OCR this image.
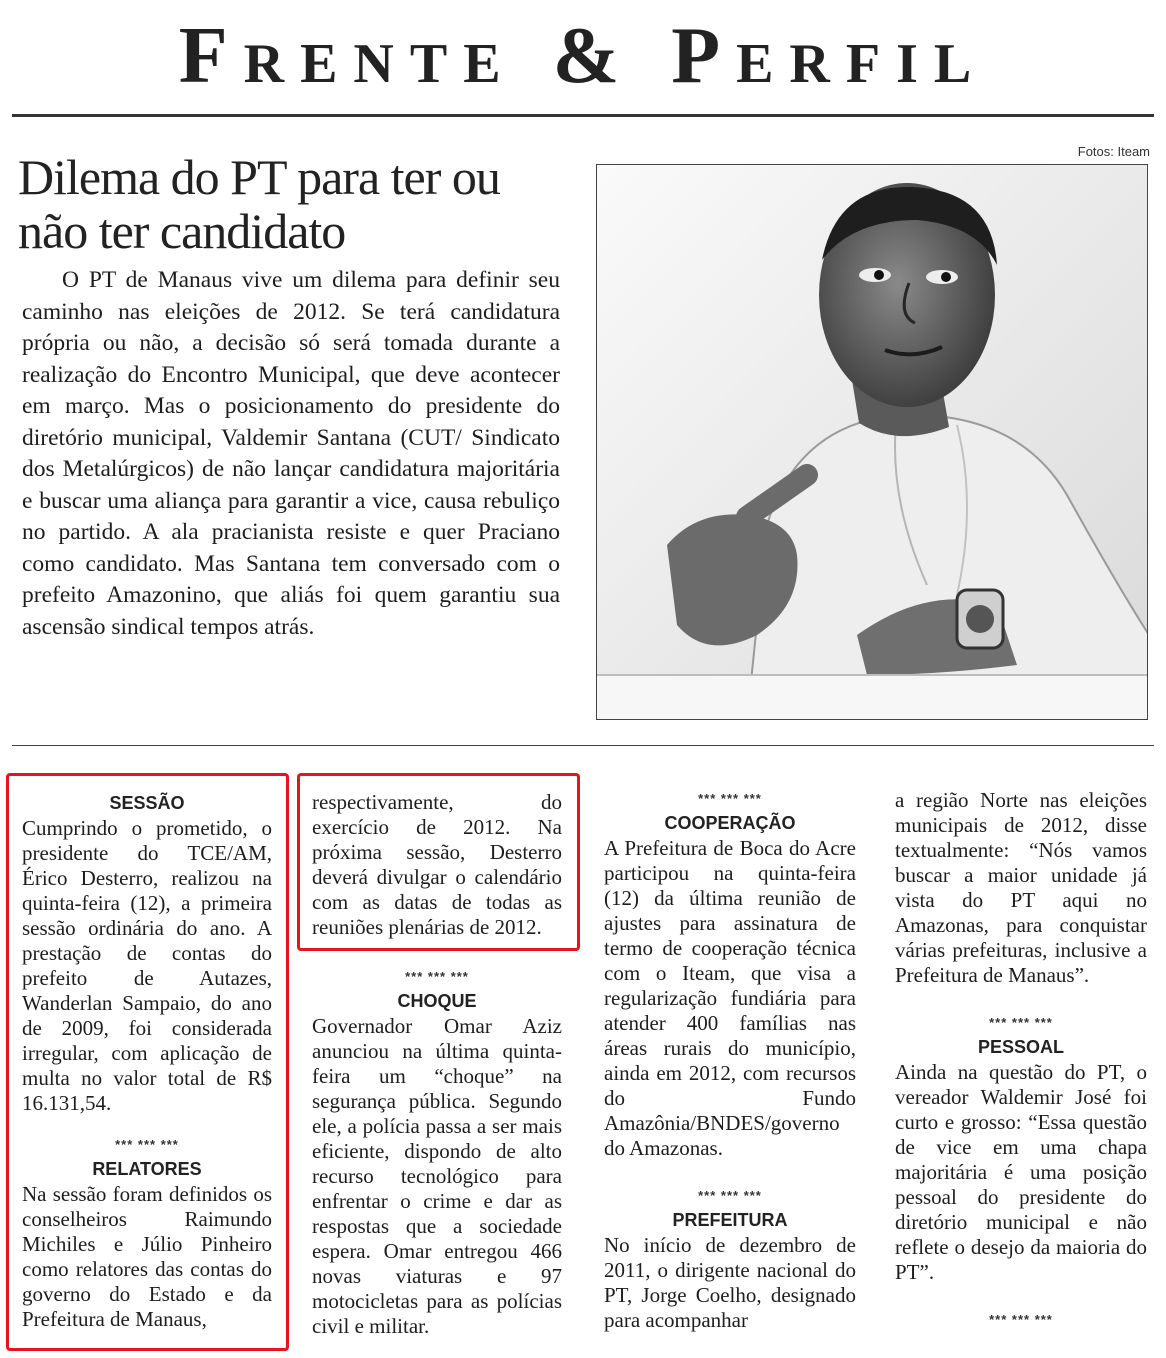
Frente & Perfil
Dilema do PT para ter ou não ter candidato
O PT de Manaus vive um dilema para definir seu caminho nas eleições de 2012. Se terá candidatura própria ou não, a decisão só será tomada durante a realização do Encontro Municipal, que deve acontecer em março. Mas o posicionamento do presidente do diretório municipal, Valdemir Santana (CUT/ Sindicato dos Metalúrgicos) de não lançar candidatura majoritária e buscar uma aliança para garantir a vice, causa rebuliço no partido. A ala pracianista resiste e quer Praciano como candidato. Mas Santana tem conversado com o prefeito Amazonino, que aliás foi quem garantiu sua ascensão sindical tempos atrás.
Fotos: Iteam

SESSÃO

Cumprindo o prometido, o presidente do TCE/AM, Érico Desterro, realizou na quinta-feira (12), a primeira sessão ordinária do ano. A prestação de contas do prefeito de Autazes, Wanderlan Sampaio, do ano de 2009, foi considerada irregular, com aplicação de multa no valor total de R$ 16.131,54.

*** *** ***

RELATORES

Na sessão foram definidos os conselheiros Raimundo Michiles e Júlio Pinheiro como relatores das contas do governo do Estado e da Prefeitura de Manaus,

respectivamente, do exercício de 2012. Na próxima sessão, Desterro deverá divulgar o calendário com as datas de todas as reuniões plenárias de 2012.

*** *** ***

CHOQUE

Governador Omar Aziz anunciou na última quinta-feira um “choque” na segurança pública. Segundo ele, a polícia passa a ser mais eficiente, dispondo de alto recurso tecnológico para enfrentar o crime e dar as respostas que a sociedade espera. Omar entregou 466 novas viaturas e 97 motocicletas para as polícias civil e militar.

*** *** ***

COOPERAÇÃO

A Prefeitura de Boca do Acre participou na quinta-feira (12) da última reunião de ajustes para assinatura de termo de cooperação técnica com o Iteam, que visa a regularização fundiária para atender 400 famílias nas áreas rurais do município, ainda em 2012, com recursos do Fundo Amazônia/BNDES/governo do Amazonas.

*** *** ***

PREFEITURA

No início de dezembro de 2011, o dirigente nacional do PT, Jorge Coelho, designado para acompanhar

a região Norte nas eleições municipais de 2012, disse textualmente: “Nós vamos buscar a maior unidade já vista do PT aqui no Amazonas, para conquistar várias prefeituras, inclusive a Prefeitura de Manaus”.

*** *** ***

PESSOAL

Ainda na questão do PT, o vereador Waldemir José foi curto e grosso: “Essa questão de vice em uma chapa majoritária é uma posição pessoal do presidente do diretório municipal e não reflete o desejo da maioria do PT”.

*** *** ***
